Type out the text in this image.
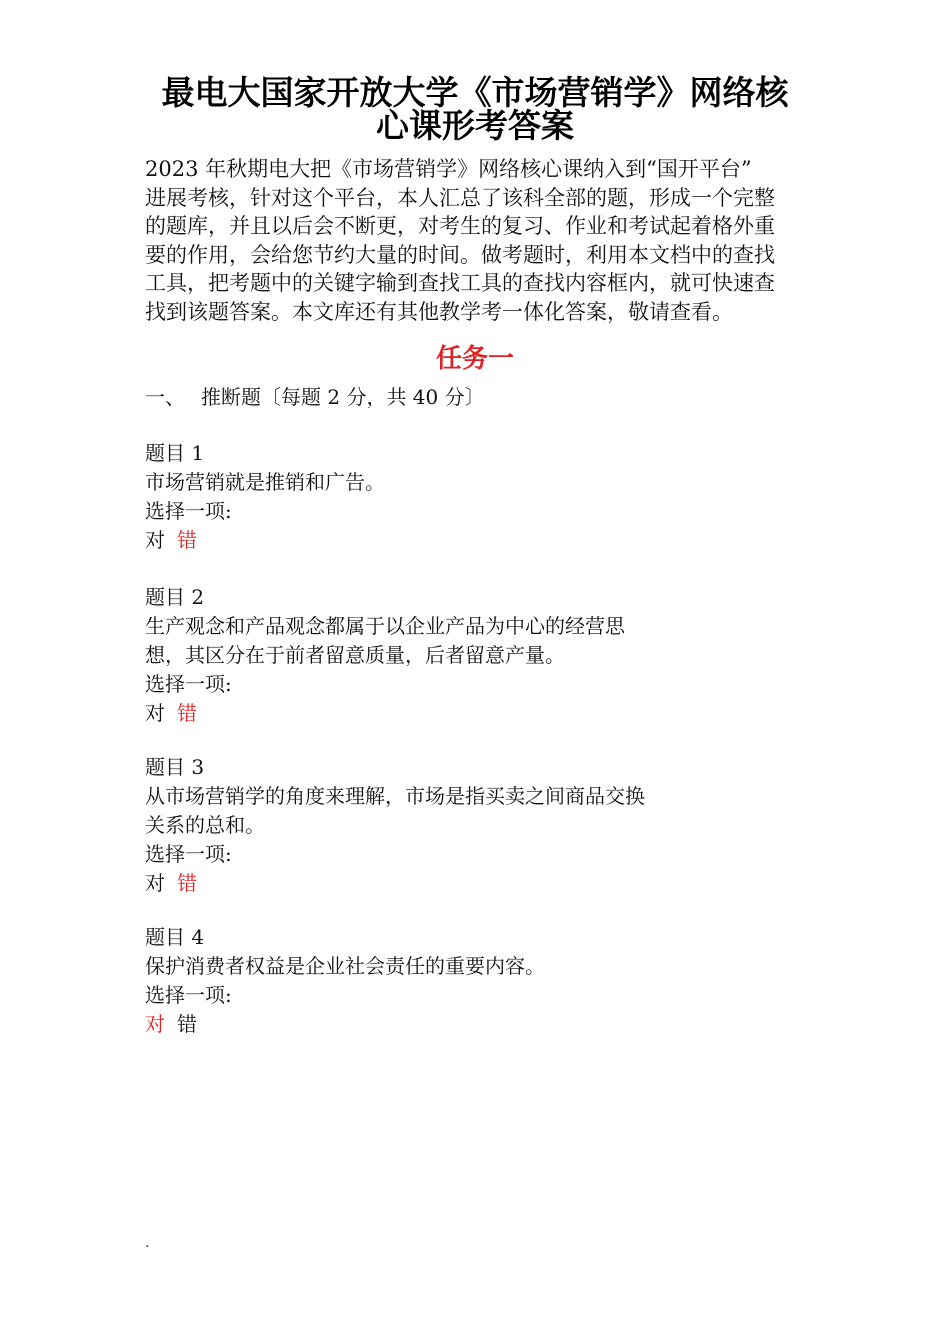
最电大国家开放大学《市场营销学》网络核
心课形考答案
2023 年秋期电大把《市场营销学》网络核心课纳入到“国开平台”
进展考核，针对这个平台，本人汇总了该科全部的题，形成一个完整
的题库，并且以后会不断更，对考生的复习、作业和考试起着格外重
要的作用，会给您节约大量的时间。做考题时，利用本文档中的查找
工具，把考题中的关键字输到查找工具的查找内容框内，就可快速查
找到该题答案。本文库还有其他教学考一体化答案，敬请查看。
任务一
一、 推断题〔每题 2 分，共 40 分〕
题目 1
市场营销就是推销和广告。
选择一项:
对 错
题目 2
生产观念和产品观念都属于以企业产品为中心的经营思
想，其区分在于前者留意质量，后者留意产量。
选择一项:
对 错
题目 3
从市场营销学的角度来理解，市场是指买卖之间商品交换
关系的总和。
选择一项:
对 错
题目 4
保护消费者权益是企业社会责任的重要内容。
选择一项:
对 错
.
